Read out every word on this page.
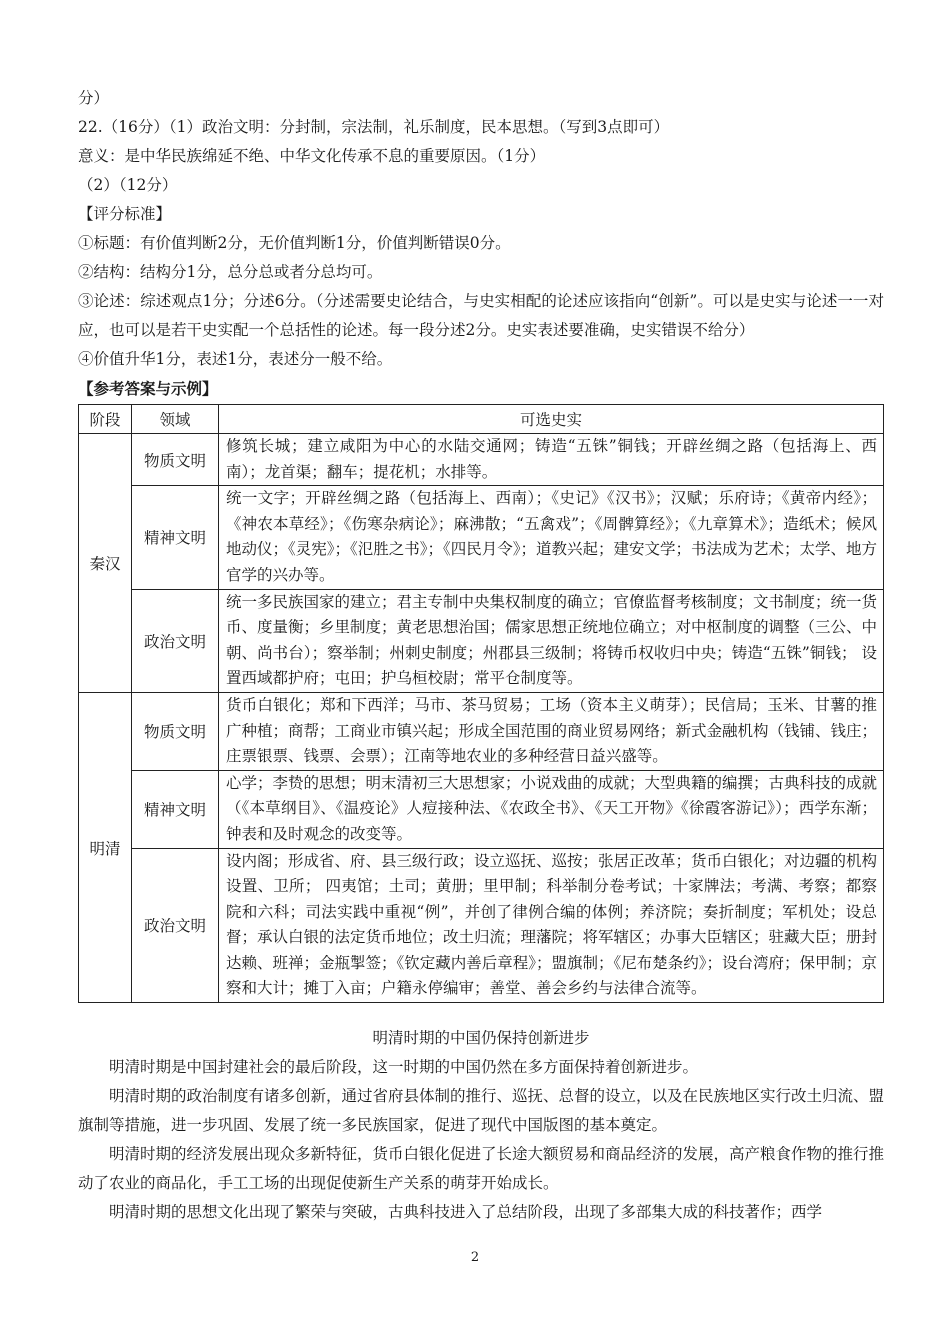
分）
22.（16分）（1）政治文明：分封制，宗法制，礼乐制度，民本思想。（写到3点即可）
意义：是中华民族绵延不绝、中华文化传承不息的重要原因。（1分）
（2）（12分）
【评分标准】
①标题：有价值判断2分，无价值判断1分，价值判断错误0分。
②结构：结构分1分，总分总或者分总均可。
③论述：综述观点1分；分述6分。（分述需要史论结合，与史实相配的论述应该指向“创新”。可以是史实与论述一一对应，也可以是若干史实配一个总括性的论述。每一段分述2分。史实表述要准确，史实错误不给分）
④价值升华1分，表述1分，表述分一般不给。
【参考答案与示例】
阶段	领域	可选史实
秦汉	物质文明	修筑长城；建立咸阳为中心的水陆交通网；铸造“五铢”铜钱；开辟丝绸之路（包括海上、西南）；龙首渠；翻车；提花机；水排等。
	精神文明	统一文字；开辟丝绸之路（包括海上、西南）；《史记》《汉书》；汉赋；乐府诗；《黄帝内经》；《神农本草经》；《伤寒杂病论》；麻沸散；“五禽戏”；《周髀算经》；《九章算术》；造纸术；候风地动仪；《灵宪》；《氾胜之书》；《四民月令》；道教兴起；建安文学；书法成为艺术；太学、地方官学的兴办等。
	政治文明	统一多民族国家的建立；君主专制中央集权制度的确立；官僚监督考核制度；文书制度；统一货币、度量衡；乡里制度；黄老思想治国；儒家思想正统地位确立；对中枢制度的调整（三公、中朝、尚书台）；察举制；州刺史制度；州郡县三级制；将铸币权收归中央；铸造“五铢”铜钱； 设置西域都护府；屯田；护乌桓校尉；常平仓制度等。
明清	物质文明	货币白银化；郑和下西洋；马市、茶马贸易；工场（资本主义萌芽）；民信局；玉米、甘薯的推广种植；商帮；工商业市镇兴起；形成全国范围的商业贸易网络；新式金融机构（钱铺、钱庄；庄票银票、钱票、会票）；江南等地农业的多种经营日益兴盛等。
	精神文明	心学；李贽的思想；明末清初三大思想家；小说戏曲的成就；大型典籍的编撰；古典科技的成就（《本草纲目》、《温疫论》人痘接种法、《农政全书》、《天工开物》《徐霞客游记》）；西学东渐；钟表和及时观念的改变等。
	政治文明	设内阁；形成省、府、县三级行政；设立巡抚、巡按；张居正改革；货币白银化；对边疆的机构设置、卫所； 四夷馆；土司；黄册；里甲制；科举制分卷考试；十家牌法；考满、考察；都察院和六科；司法实践中重视“例”，并创了律例合编的体例；养济院；奏折制度；军机处；设总督；承认白银的法定货币地位；改土归流；理藩院；将军辖区；办事大臣辖区；驻藏大臣；册封达赖、班禅；金瓶掣签；《钦定藏内善后章程》；盟旗制；《尼布楚条约》；设台湾府；保甲制；京察和大计；摊丁入亩；户籍永停编审；善堂、善会乡约与法律合流等。
明清时期的中国仍保持创新进步

明清时期是中国封建社会的最后阶段，这一时期的中国仍然在多方面保持着创新进步。

明清时期的政治制度有诸多创新，通过省府县体制的推行、巡抚、总督的设立，以及在民族地区实行改土归流、盟旗制等措施，进一步巩固、发展了统一多民族国家，促进了现代中国版图的基本奠定。

明清时期的经济发展出现众多新特征，货币白银化促进了长途大额贸易和商品经济的发展，高产粮食作物的推行推动了农业的商品化，手工工场的出现促使新生产关系的萌芽开始成长。

明清时期的思想文化出现了繁荣与突破，古典科技进入了总结阶段，出现了多部集大成的科技著作；西学

2
